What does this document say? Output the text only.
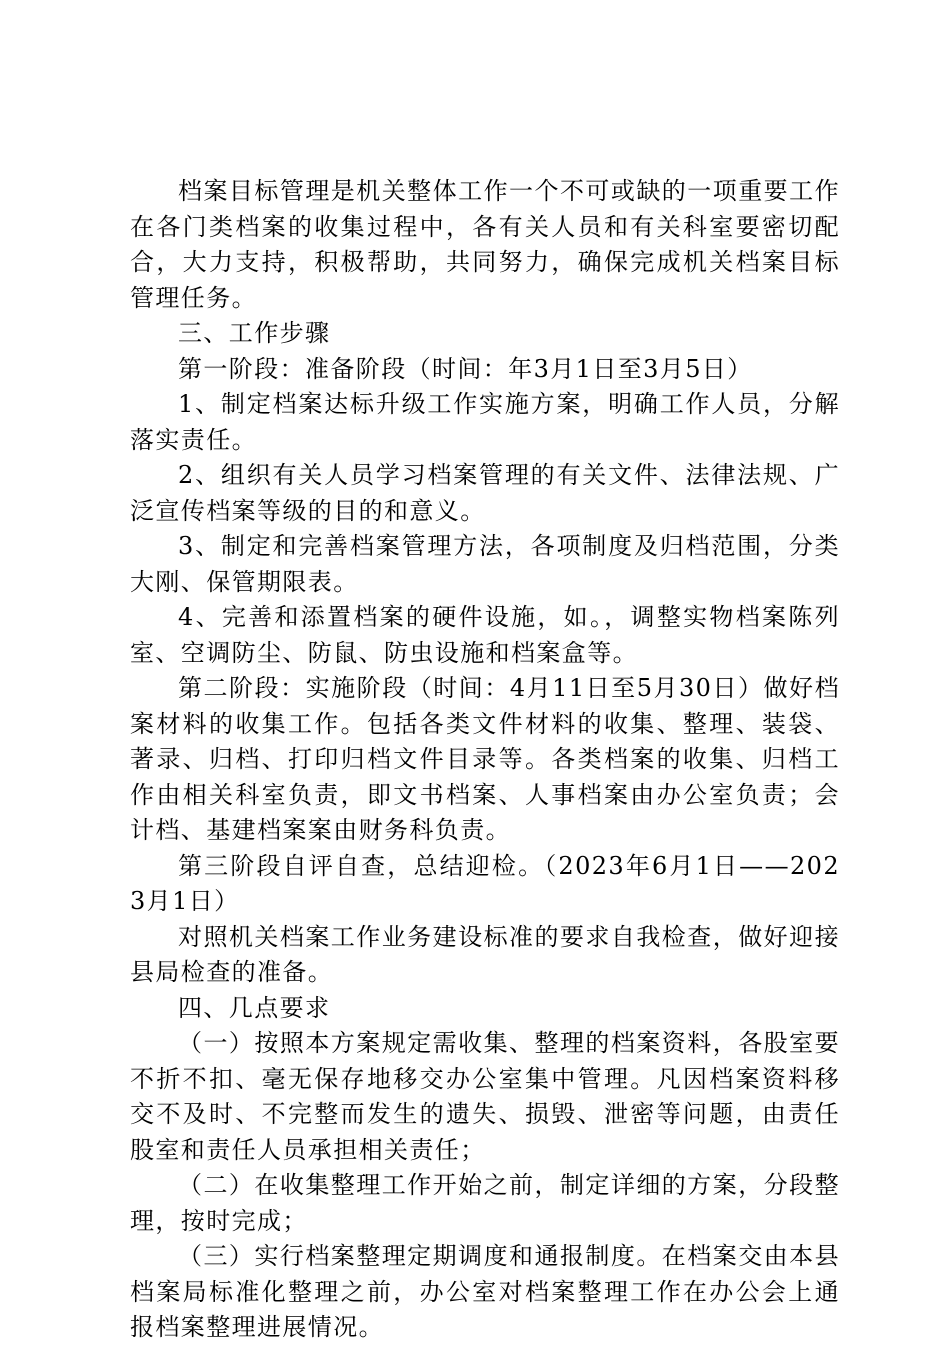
档案目标管理是机关整体工作一个不可或缺的一项重要工作在各门类档案的收集过程中，各有关人员和有关科室要密切配合，大力支持，积极帮助，共同努力，确保完成机关档案目标管理任务。

三、工作步骤

第一阶段：准备阶段（时间：年3月1日至3月5日）

1、制定档案达标升级工作实施方案，明确工作人员，分解落实责任。

2、组织有关人员学习档案管理的有关文件、法律法规、广泛宣传档案等级的目的和意义。

3、制定和完善档案管理方法，各项制度及归档范围，分类大刚、保管期限表。

4、完善和添置档案的硬件设施，如。，调整实物档案陈列室、空调防尘、防鼠、防虫设施和档案盒等。

第二阶段：实施阶段（时间：4月11日至5月30日）做好档案材料的收集工作。包括各类文件材料的收集、整理、装袋、著录、归档、打印归档文件目录等。各类档案的收集、归档工作由相关科室负责，即文书档案、人事档案由办公室负责；会计档、基建档案案由财务科负责。

第三阶段自评自查，总结迎检。（2023年6月1日——2023月1日）

对照机关档案工作业务建设标准的要求自我检查，做好迎接县局检查的准备。

四、几点要求

（一）按照本方案规定需收集、整理的档案资料，各股室要不折不扣、毫无保存地移交办公室集中管理。凡因档案资料移交不及时、不完整而发生的遗失、损毁、泄密等问题，由责任股室和责任人员承担相关责任；

（二）在收集整理工作开始之前，制定详细的方案，分段整理，按时完成；

（三）实行档案整理定期调度和通报制度。在档案交由本县档案局标准化整理之前，办公室对档案整理工作在办公会上通报档案整理进展情况。
